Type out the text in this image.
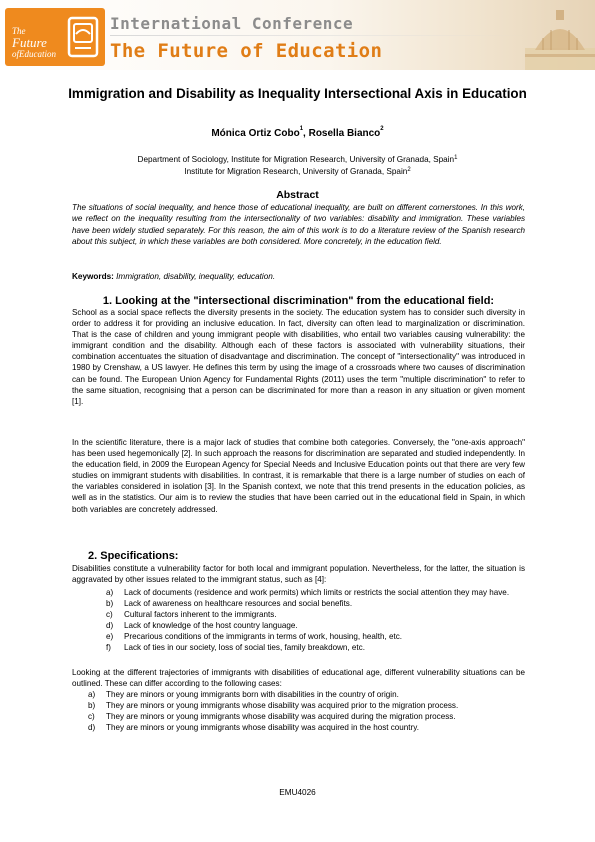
The
Future
ofEducation
International Conference
The Future of Education
Immigration and Disability as Inequality Intersectional Axis in Education
Mónica Ortiz Cobo$^1$, Rosella Bianco$^2$
Department of Sociology, Institute for Migration Research, University of Granada, Spain$^1$
Institute for Migration Research, University of Granada, Spain$^2$
Abstract
The situations of social inequality, and hence those of educational inequality, are built on different cornerstones. In this work, we reflect on the inequality resulting from the intersectionality of two variables: disability and immigration. These variables have been widely studied separately. For this reason, the aim of this work is to do a literature review of the Spanish research about this subject, in which these variables are both considered. More concretely, in the education field.
Keywords: Immigration, disability, inequality, education.
1. Looking at the "intersectional discrimination" from the educational field:

School as a social space reflects the diversity presents in the society. The education system has to consider such diversity in order to address it for providing an inclusive education. In fact, diversity can often lead to marginalization or discrimination. That is the case of children and young immigrant people with disabilities, who entail two variables causing vulnerability: the immigrant condition and the disability. Although each of these factors is associated with vulnerability situations, their combination accentuates the situation of disadvantage and discrimination. The concept of "intersectionality" was introduced in 1980 by Crenshaw, a US lawyer. He defines this term by using the image of a crossroads where two causes of discrimination can be found. The European Union Agency for Fundamental Rights (2011) uses the term "multiple discrimination" to refer to the same situation, recognising that a person can be discriminated for more than a reason in any situation or given moment [1].

In the scientific literature, there is a major lack of studies that combine both categories. Conversely, the "one-axis approach" has been used hegemonically [2]. In such approach the reasons for discrimination are separated and studied independently. In the education field, in 2009 the European Agency for Special Needs and Inclusive Education points out that there are very few studies on immigrant students with disabilities. In contrast, it is remarkable that there is a large number of studies on each of the variables considered in isolation [3]. In the Spanish context, we note that this trend presents in the education policies, as well as in the statistics. Our aim is to review the studies that have been carried out in the educational field in Spain, in which both variables are concretely addressed.

2. Specifications:

Disabilities constitute a vulnerability factor for both local and immigrant population. Nevertheless, for the latter, the situation is aggravated by other issues related to the immigrant status, such as [4]:

a) Lack of documents (residence and work permits) which limits or restricts the social attention they may have.
b) Lack of awareness on healthcare resources and social benefits.
c) Cultural factors inherent to the immigrants.
d) Lack of knowledge of the host country language.
e) Precarious conditions of the immigrants in terms of work, housing, health, etc.
f) Lack of ties in our society, loss of social ties, family breakdown, etc.

Looking at the different trajectories of immigrants with disabilities of educational age, different vulnerability situations can be outlined. These can differ according to the following cases:

a) They are minors or young immigrants born with disabilities in the country of origin.
b) They are minors or young immigrants whose disability was acquired prior to the migration process.
c) They are minors or young immigrants whose disability was acquired during the migration process.
d) They are minors or young immigrants whose disability was acquired in the host country.
EMU4026
